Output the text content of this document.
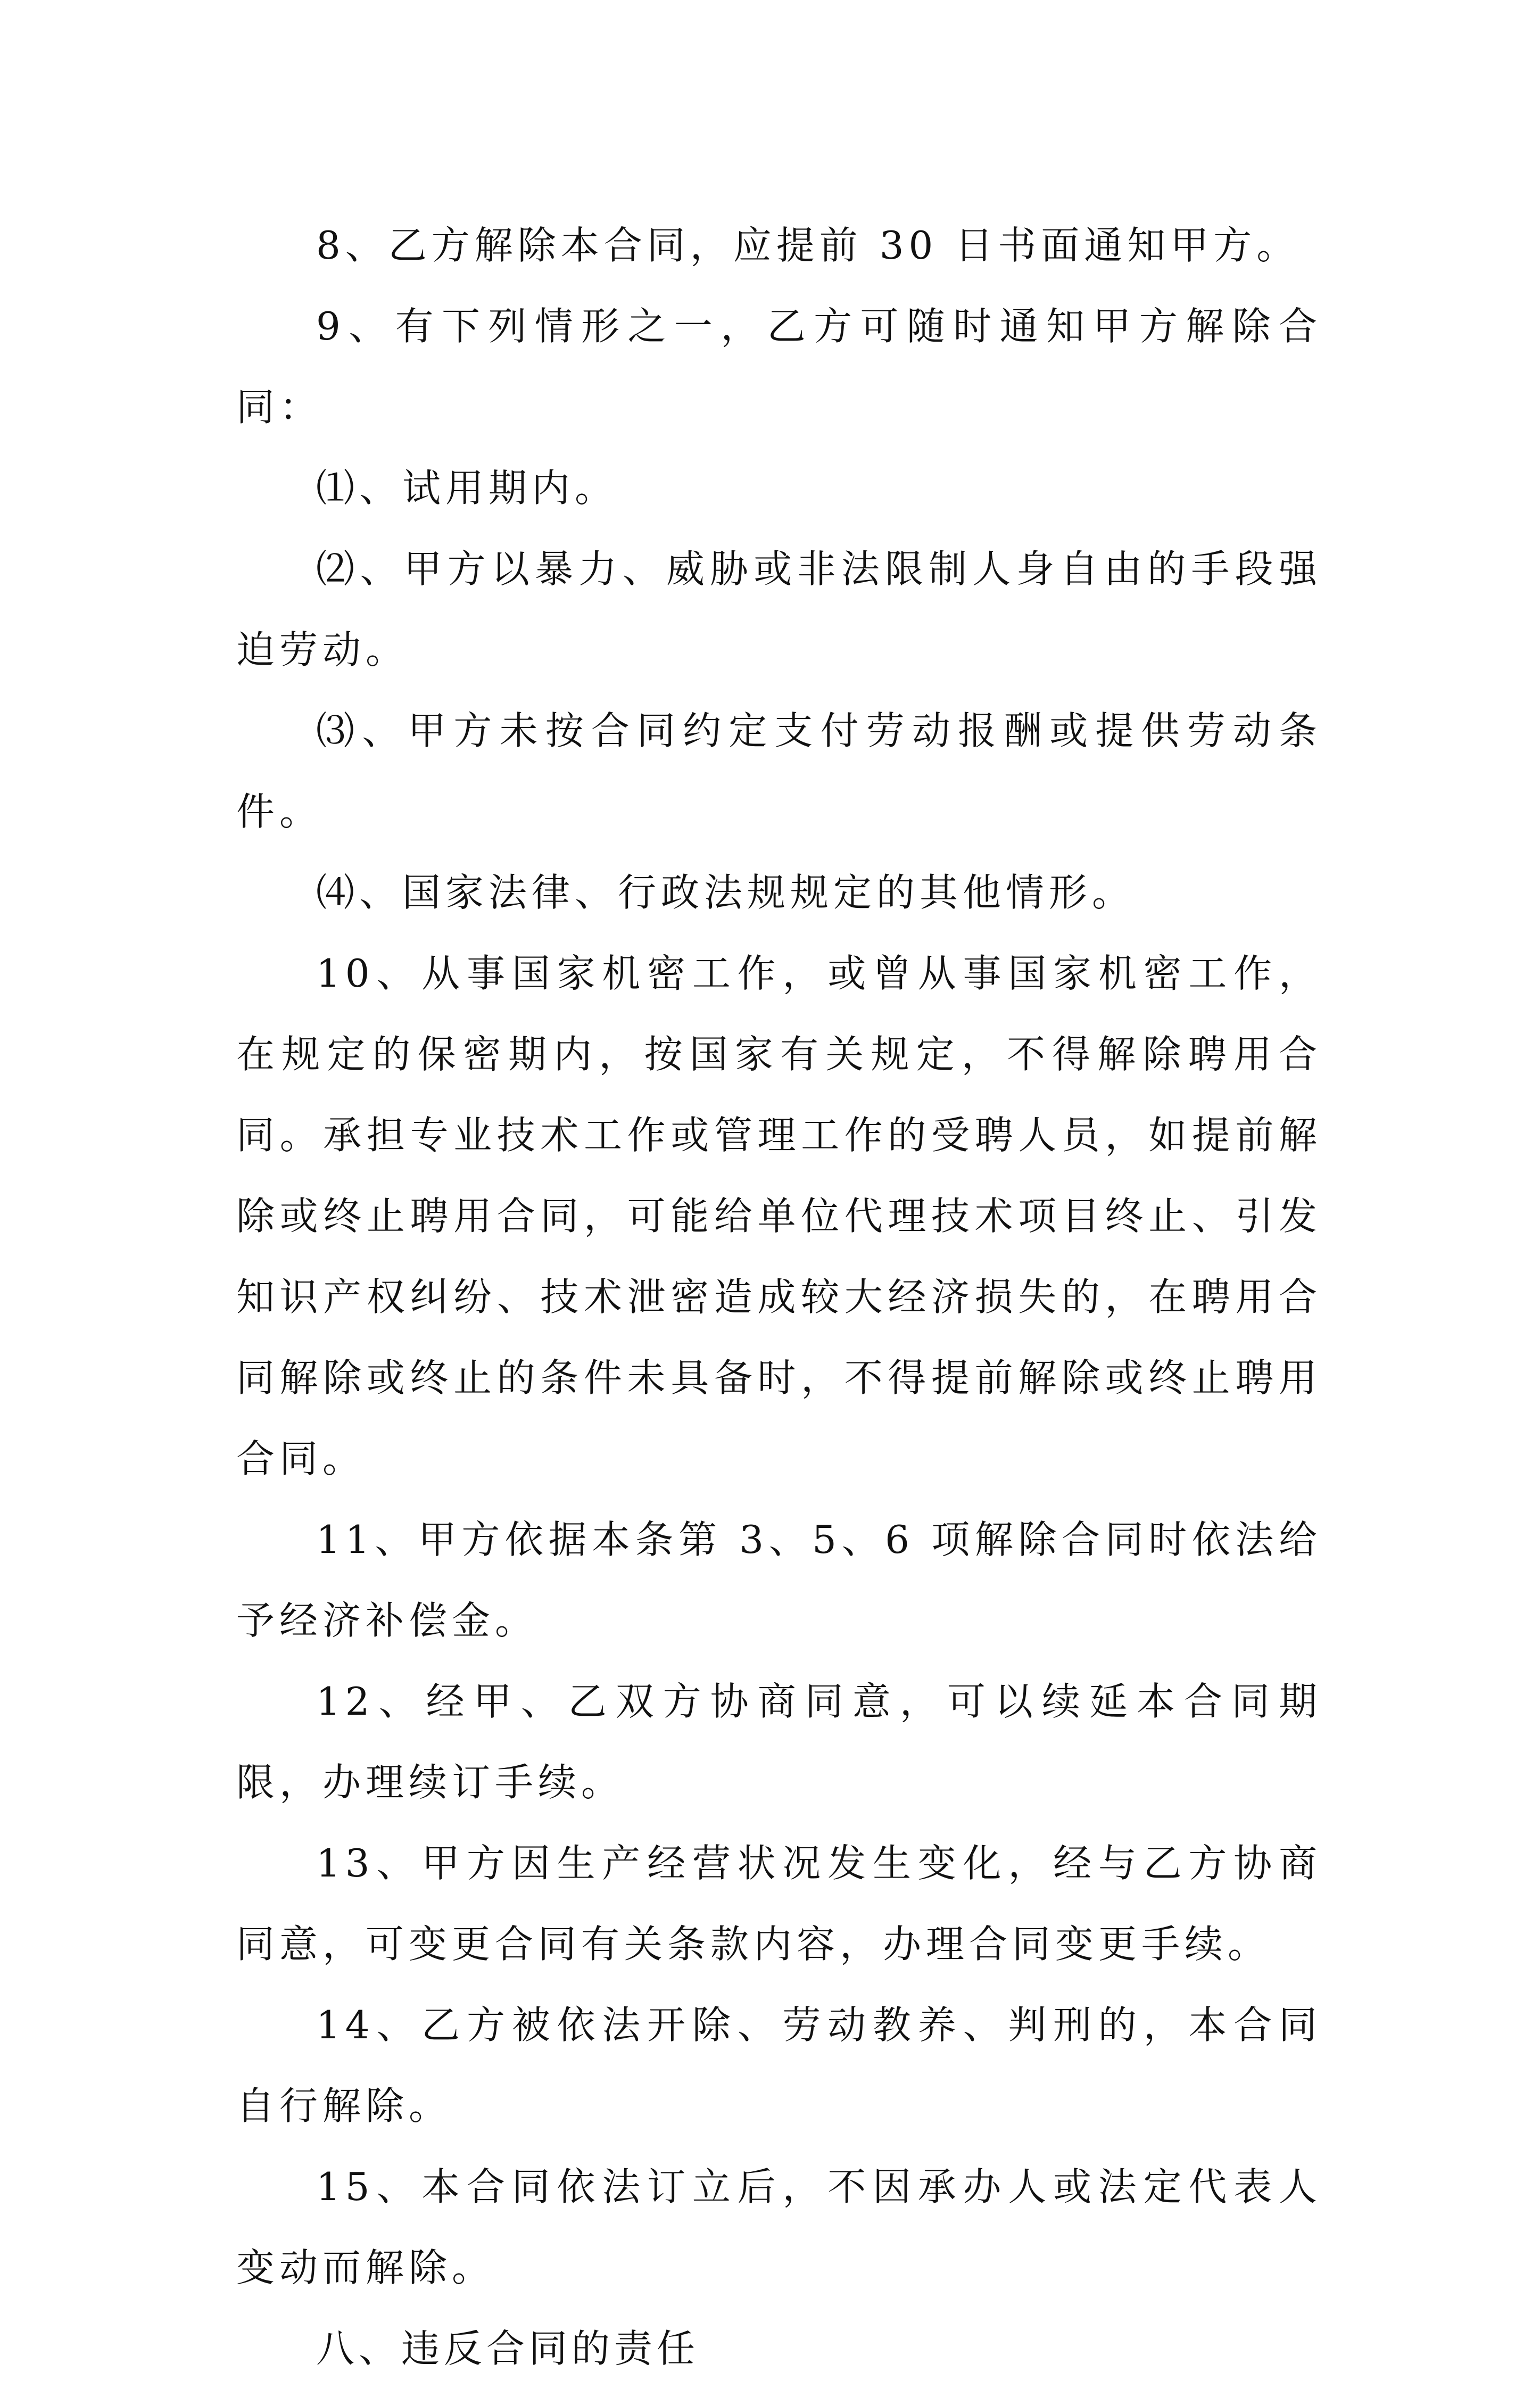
8、乙方解除本合同，应提前 30 日书面通知甲方。

9、有下列情形之一，乙方可随时通知甲方解除合同：

⑴、试用期内。

⑵、甲方以暴力、威胁或非法限制人身自由的手段强迫劳动。

⑶、甲方未按合同约定支付劳动报酬或提供劳动条件。

⑷、国家法律、行政法规规定的其他情形。

10、从事国家机密工作，或曾从事国家机密工作，在规定的保密期内，按国家有关规定，不得解除聘用合同。承担专业技术工作或管理工作的受聘人员，如提前解除或终止聘用合同，可能给单位代理技术项目终止、引发知识产权纠纷、技术泄密造成较大经济损失的，在聘用合同解除或终止的条件未具备时，不得提前解除或终止聘用合同。

11、甲方依据本条第 3、5、6 项解除合同时依法给予经济补偿金。

12、经甲、乙双方协商同意，可以续延本合同期限，办理续订手续。

13、甲方因生产经营状况发生变化，经与乙方协商同意，可变更合同有关条款内容，办理合同变更手续。

14、乙方被依法开除、劳动教养、判刑的，本合同自行解除。

15、本合同依法订立后，不因承办人或法定代表人变动而解除。

八、违反合同的责任
